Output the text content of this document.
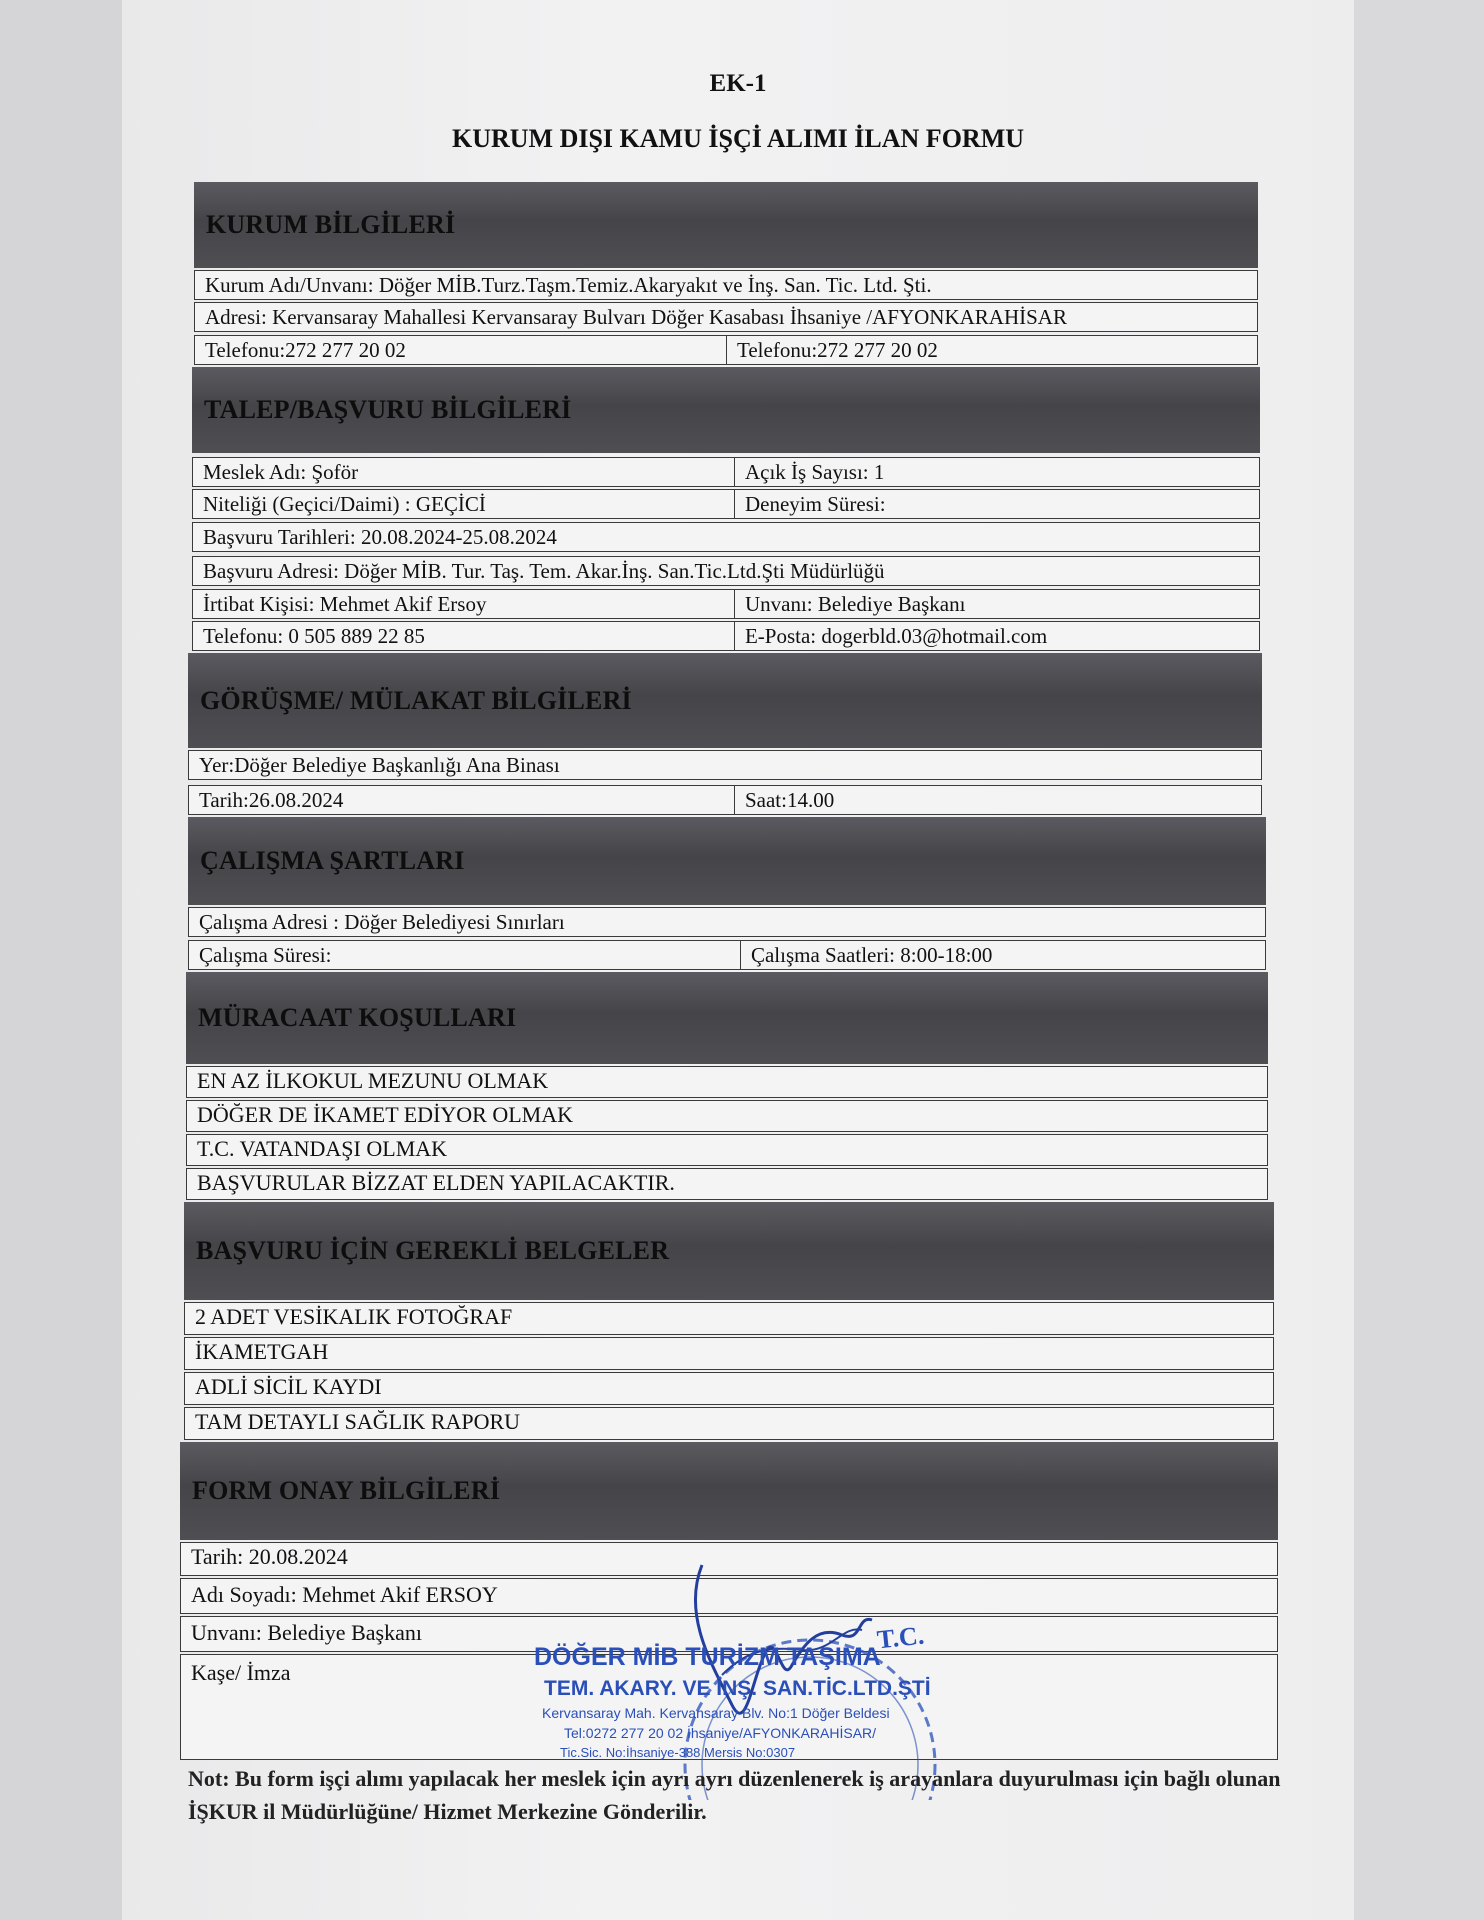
EK-1
KURUM DIŞI KAMU İŞÇİ ALIMI İLAN FORMU
KURUM BİLGİLERİ
Kurum Adı/Unvanı: Döğer MİB.Turz.Taşm.Temiz.Akaryakıt ve İnş. San. Tic. Ltd. Şti.
Adresi: Kervansaray Mahallesi Kervansaray Bulvarı Döğer Kasabası İhsaniye /AFYONKARAHİSAR
Telefonu:272 277 20 02	Telefonu:272 277 20 02
TALEP/BAŞVURU BİLGİLERİ
Meslek Adı: Şoför	Açık İş Sayısı: 1
Niteliği (Geçici/Daimi) : GEÇİCİ	Deneyim Süresi:
Başvuru Tarihleri: 20.08.2024-25.08.2024
Başvuru Adresi: Döğer MİB. Tur. Taş. Tem. Akar.İnş. San.Tic.Ltd.Şti Müdürlüğü
İrtibat Kişisi: Mehmet Akif Ersoy	Unvanı: Belediye Başkanı
Telefonu: 0 505 889 22 85	E-Posta: dogerbld.03@hotmail.com
GÖRÜŞME/ MÜLAKAT BİLGİLERİ
Yer:Döğer Belediye Başkanlığı Ana Binası
Tarih:26.08.2024	Saat:14.00
ÇALIŞMA ŞARTLARI
Çalışma Adresi : Döğer Belediyesi Sınırları
Çalışma Süresi:	Çalışma Saatleri: 8:00-18:00
MÜRACAAT KOŞULLARI
EN AZ İLKOKUL MEZUNU OLMAK
DÖĞER DE İKAMET EDİYOR OLMAK
T.C. VATANDAŞI OLMAK
BAŞVURULAR BİZZAT ELDEN YAPILACAKTIR.
BAŞVURU İÇİN GEREKLİ BELGELER
2 ADET VESİKALIK FOTOĞRAF
İKAMETGAH
ADLİ SİCİL KAYDI
TAM DETAYLI SAĞLIK RAPORU
FORM ONAY BİLGİLERİ
Tarih: 20.08.2024
Adı Soyadı: Mehmet Akif ERSOY
Unvanı: Belediye Başkanı
Kaşe/ İmza
T.C.
DÖĞER MİB TURİZM TAŞIMA
TEM. AKARY. VE İNŞ. SAN.TİC.LTD.ŞTİ
Kervansaray Mah. Kervansaray Blv. No:1 Döğer Beldesi
Tel:0272 277 20 02 İhsaniye/AFYONKARAHİSAR/
Tic.Sic. No:İhsaniye-388 Mersis No:0307
Not: Bu form işçi alımı yapılacak her meslek için ayrı ayrı düzenlenerek iş arayanlara duyurulması için bağlı olunan İŞKUR il Müdürlüğüne/ Hizmet Merkezine Gönderilir.
